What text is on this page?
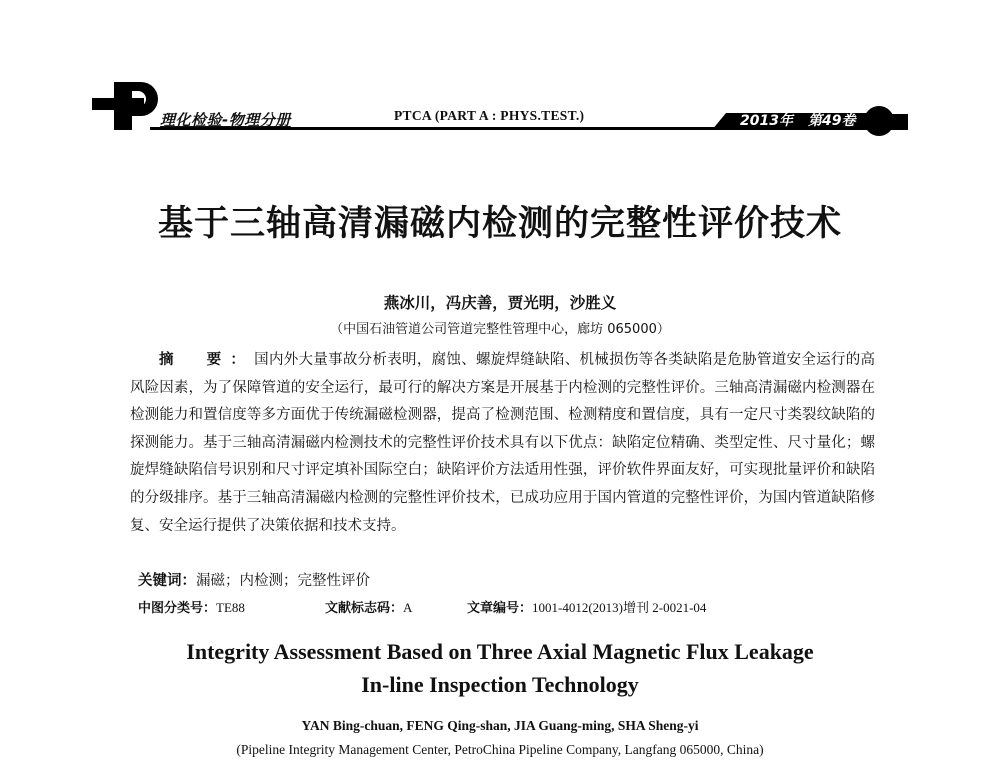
理化检验-物理分册	PTCA (PART A : PHYS.TEST.)	2013年 第49卷
基于三轴高清漏磁内检测的完整性评价技术
燕冰川，冯庆善，贾光明，沙胜义
（中国石油管道公司管道完整性管理中心，廊坊 065000）
摘　要：国内外大量事故分析表明，腐蚀、螺旋焊缝缺陷、机械损伤等各类缺陷是危胁管道安全运行的高风险因素，为了保障管道的安全运行，最可行的解决方案是开展基于内检测的完整性评价。三轴高清漏磁内检测器在检测能力和置信度等多方面优于传统漏磁检测器，提高了检测范围、检测精度和置信度，具有一定尺寸类裂纹缺陷的探测能力。基于三轴高清漏磁内检测技术的完整性评价技术具有以下优点：缺陷定位精确、类型定性、尺寸量化；螺旋焊缝缺陷信号识别和尺寸评定填补国际空白；缺陷评价方法适用性强，评价软件界面友好，可实现批量评价和缺陷的分级排序。基于三轴高清漏磁内检测的完整性评价技术，已成功应用于国内管道的完整性评价，为国内管道缺陷修复、安全运行提供了决策依据和技术支持。
关键词：漏磁；内检测；完整性评价
中图分类号：TE88	文献标志码：A	文章编号：1001-4012(2013)增刊 2-0021-04
Integrity Assessment Based on Three Axial Magnetic Flux Leakage
In-line Inspection Technology
YAN Bing-chuan, FENG Qing-shan, JIA Guang-ming, SHA Sheng-yi
(Pipeline Integrity Management Center, PetroChina Pipeline Company, Langfang 065000, China)
